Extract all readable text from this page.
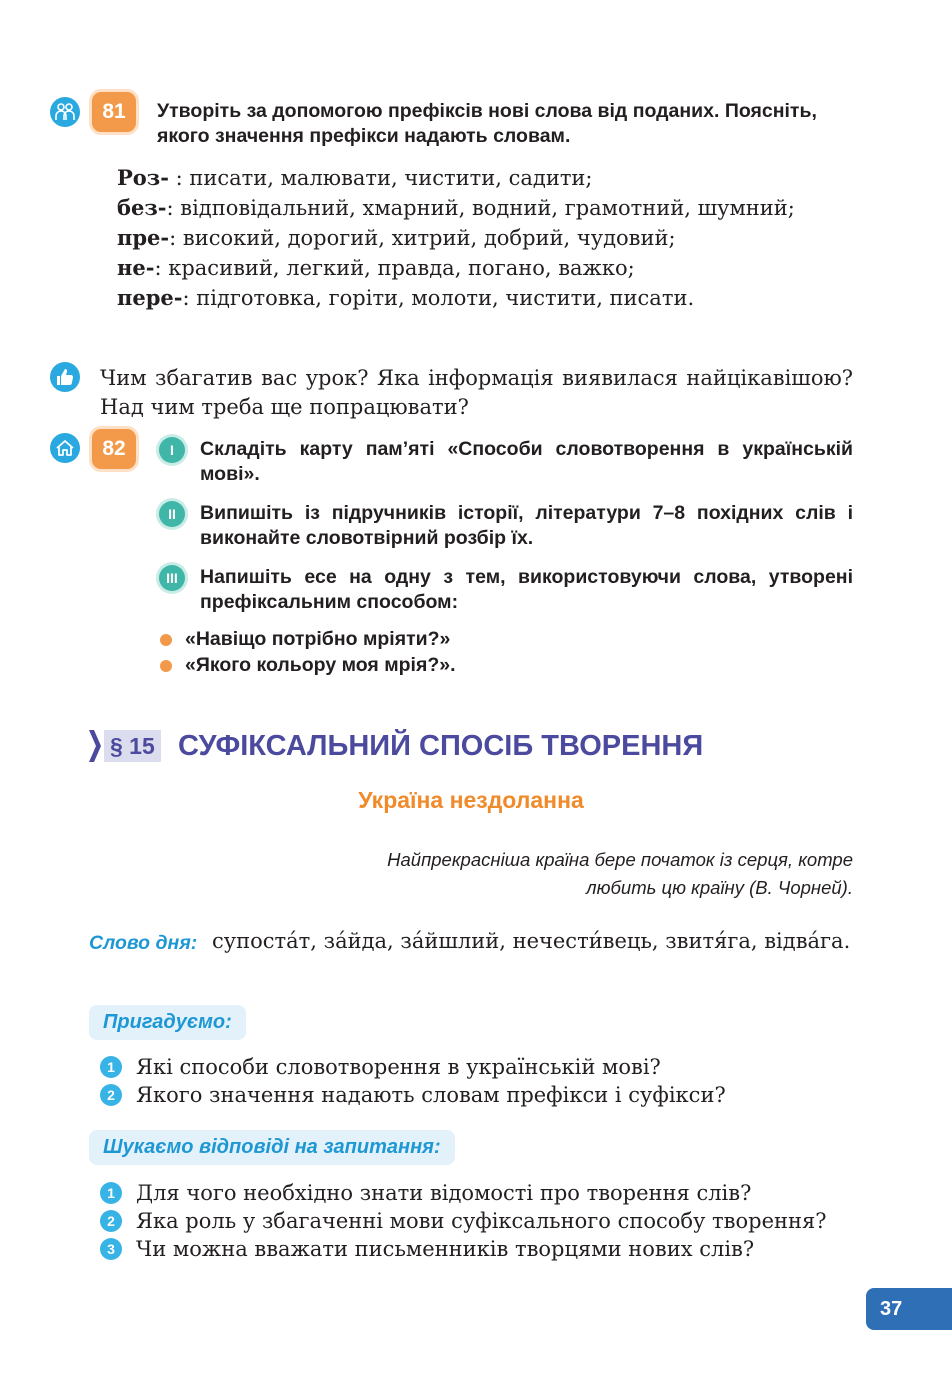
81	Утворіть за допомогою префіксів нові слова від поданих. Поясніть, якого значення префікси надають словам.
Роз- : писати, малювати, чистити, садити;
без-: відповідальний, хмарний, водний, грамотний, шумний;
пре-: високий, дорогий, хитрий, добрий, чудовий;
не-: красивий, легкий, правда, погано, важко;
пере-: підготовка, горіти, молоти, чистити, писати.
Чим збагатив вас урок? Яка інформація виявилася найцікавішою? Над чим треба ще попрацювати?
82	I	Складіть карту пам’яті «Способи словотворення в українській мові».
II	Випишіть із підручників історії, літератури 7–8 похідних слів і виконайте словотвірний розбір їх.
III	Напишіть есе на одну з тем, використовуючи слова, утворені префіксальним способом:
«Навіщо потрібно мріяти?»
«Якого кольору моя мрія?».
§ 15 СУФІКСАЛЬНИЙ СПОСІБ ТВОРЕННЯ
Україна нездоланна
Найпрекрасніша країна бере початок із серця, котре
любить цю країну (В. Чорней).
Слово дня: супоста́т, за́йда, за́йшлий, нечести́вець, звитя́га, відва́га.
Пригадуємо:
1	Які способи словотворення в українській мові?
2	Якого значення надають словам префікси і суфікси?
Шукаємо відповіді на запитання:
1	Для чого необхідно знати відомості про творення слів?
2	Яка роль у збагаченні мови суфіксального способу творення?
3	Чи можна вважати письменників творцями нових слів?
37
